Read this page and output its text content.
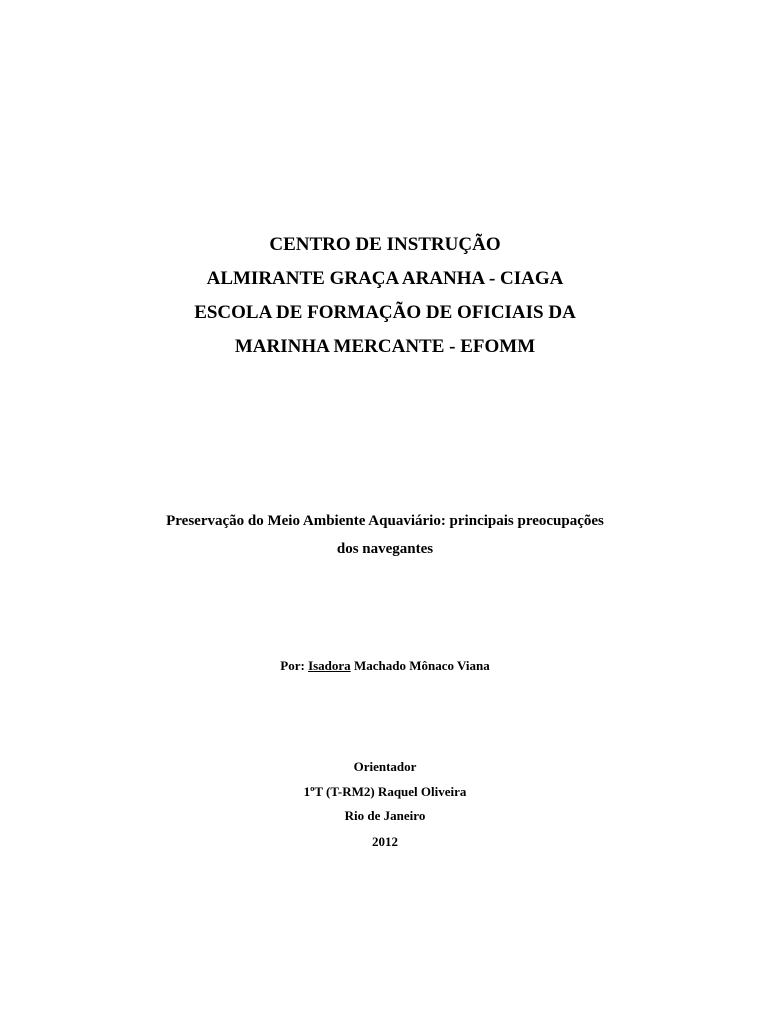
CENTRO DE INSTRUÇÃO
ALMIRANTE GRAÇA ARANHA - CIAGA
ESCOLA DE FORMAÇÃO DE OFICIAIS DA
MARINHA MERCANTE - EFOMM
Preservação do Meio Ambiente Aquaviário: principais preocupações
dos navegantes
Por: Isadora Machado Mônaco Viana
Orientador
1ºT (T-RM2) Raquel Oliveira
Rio de Janeiro
2012
